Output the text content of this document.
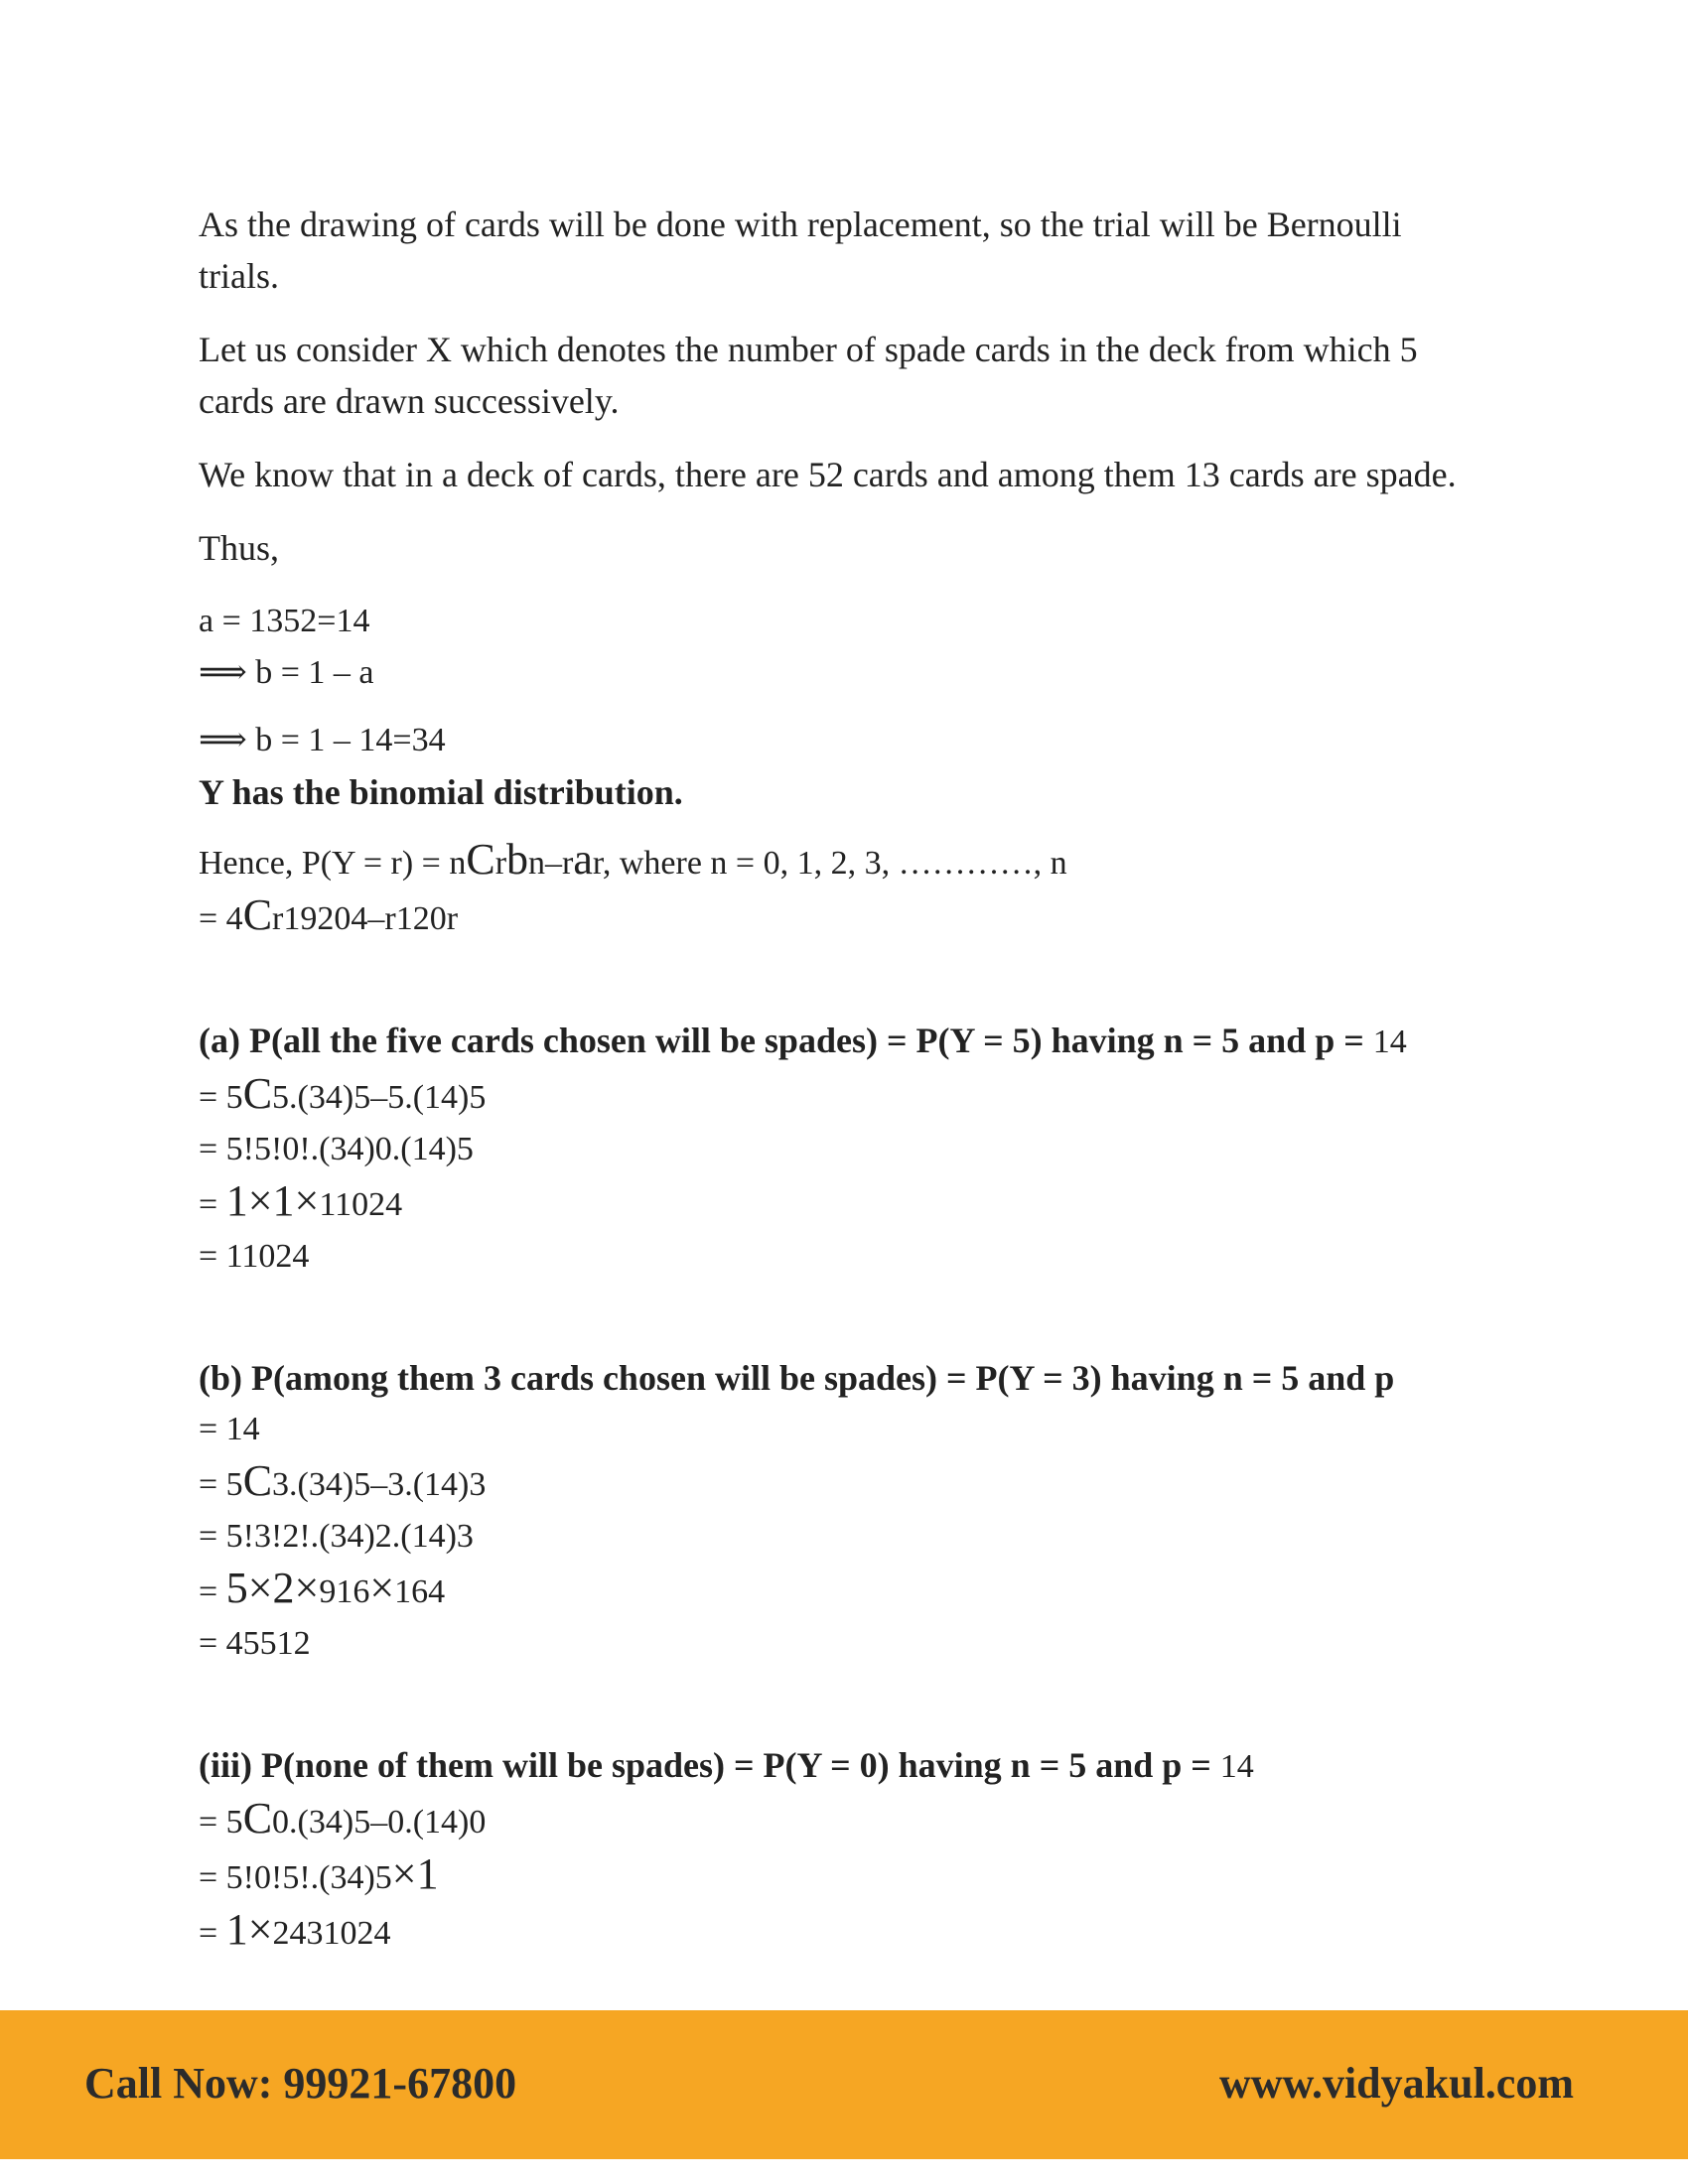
As the drawing of cards will be done with replacement, so the trial will be Bernoulli trials.

Let us consider X which denotes the number of spade cards in the deck from which 5 cards are drawn successively.

We know that in a deck of cards, there are 52 cards and among them 13 cards are spade.

Thus,

a = 1352=14

⟹ b = 1 – a

⟹ b = 1 – 14=34

Y has the binomial distribution.

Hence, P(Y = r) = nCrbn–rar, where n = 0, 1, 2, 3, …………, n

= 4Cr19204–r120r

(a) P(all the five cards chosen will be spades) = P(Y = 5) having n = 5 and p = 14

= 5C5.(34)5–5.(14)5

= 5!5!0!.(34)0.(14)5

= 1×1×11024

= 11024

(b) P(among them 3 cards chosen will be spades) = P(Y = 3) having n = 5 and p

= 14

= 5C3.(34)5–3.(14)3

= 5!3!2!.(34)2.(14)3

= 5×2×916×164

= 45512

(iii) P(none of them will be spades) = P(Y = 0) having n = 5 and p = 14

= 5C0.(34)5–0.(14)0

= 5!0!5!.(34)5×1

= 1×2431024

Call Now: 99921-67800	www.vidyakul.com
